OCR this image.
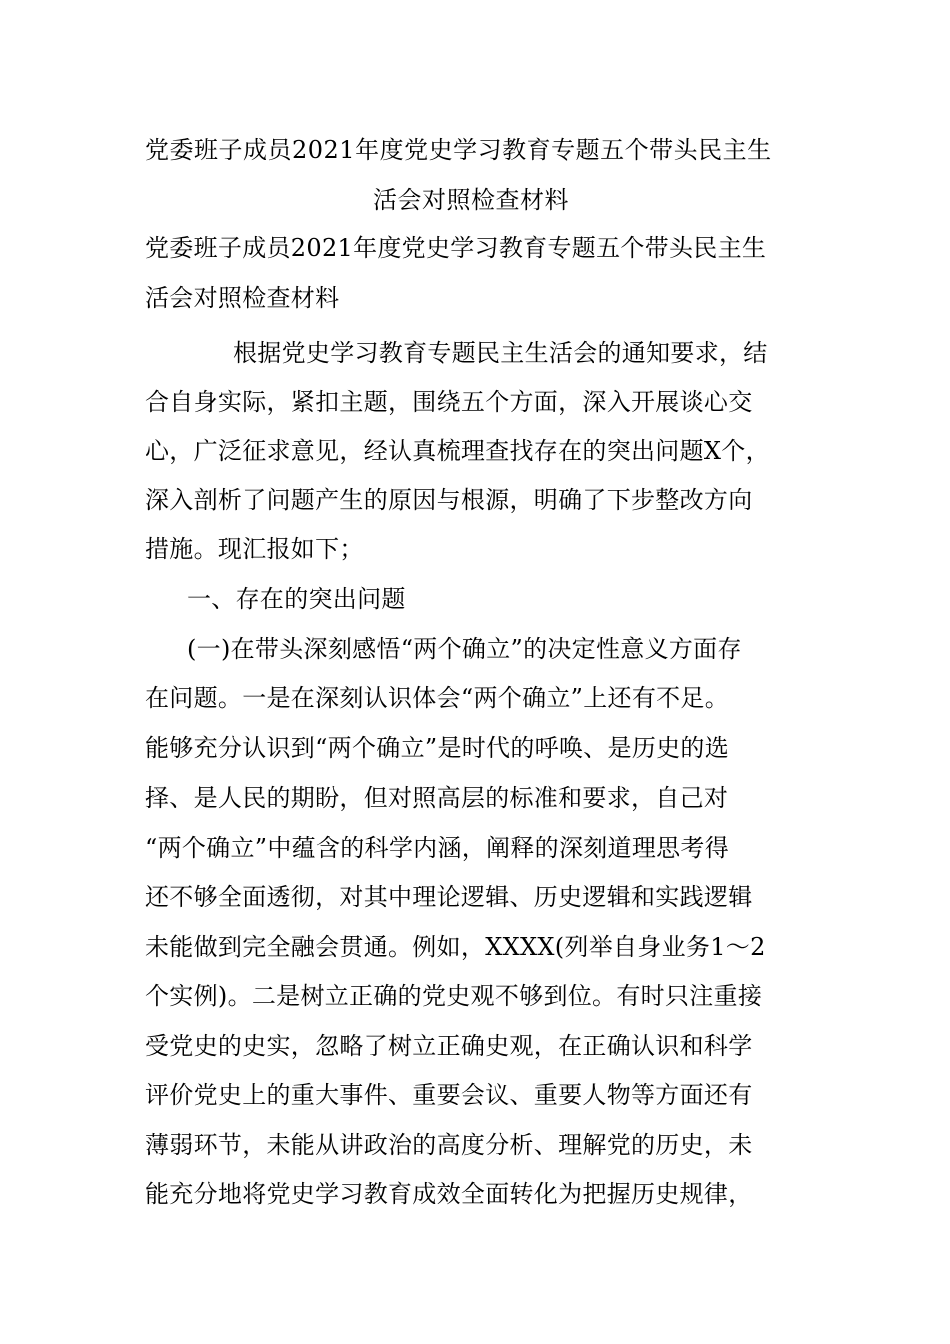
党委班子成员2021年度党史学习教育专题五个带头民主生
活会对照检查材料
党委班子成员2021年度党史学习教育专题五个带头民主生
活会对照检查材料
根据党史学习教育专题民主生活会的通知要求，结
合自身实际，紧扣主题，围绕五个方面，深入开展谈心交
心，广泛征求意见，经认真梳理查找存在的突出问题X个，
深入剖析了问题产生的原因与根源，明确了下步整改方向
措施。现汇报如下；
一、存在的突出问题
(一)在带头深刻感悟“两个确立”的决定性意义方面存
在问题。一是在深刻认识体会“两个确立”上还有不足。
能够充分认识到“两个确立”是时代的呼唤、是历史的选
择、是人民的期盼，但对照高层的标准和要求，自己对
“两个确立”中蕴含的科学内涵，阐释的深刻道理思考得
还不够全面透彻，对其中理论逻辑、历史逻辑和实践逻辑
未能做到完全融会贯通。例如，XXXX(列举自身业务1～2
个实例)。二是树立正确的党史观不够到位。有时只注重接
受党史的史实，忽略了树立正确史观，在正确认识和科学
评价党史上的重大事件、重要会议、重要人物等方面还有
薄弱环节，未能从讲政治的高度分析、理解党的历史，未
能充分地将党史学习教育成效全面转化为把握历史规律，
